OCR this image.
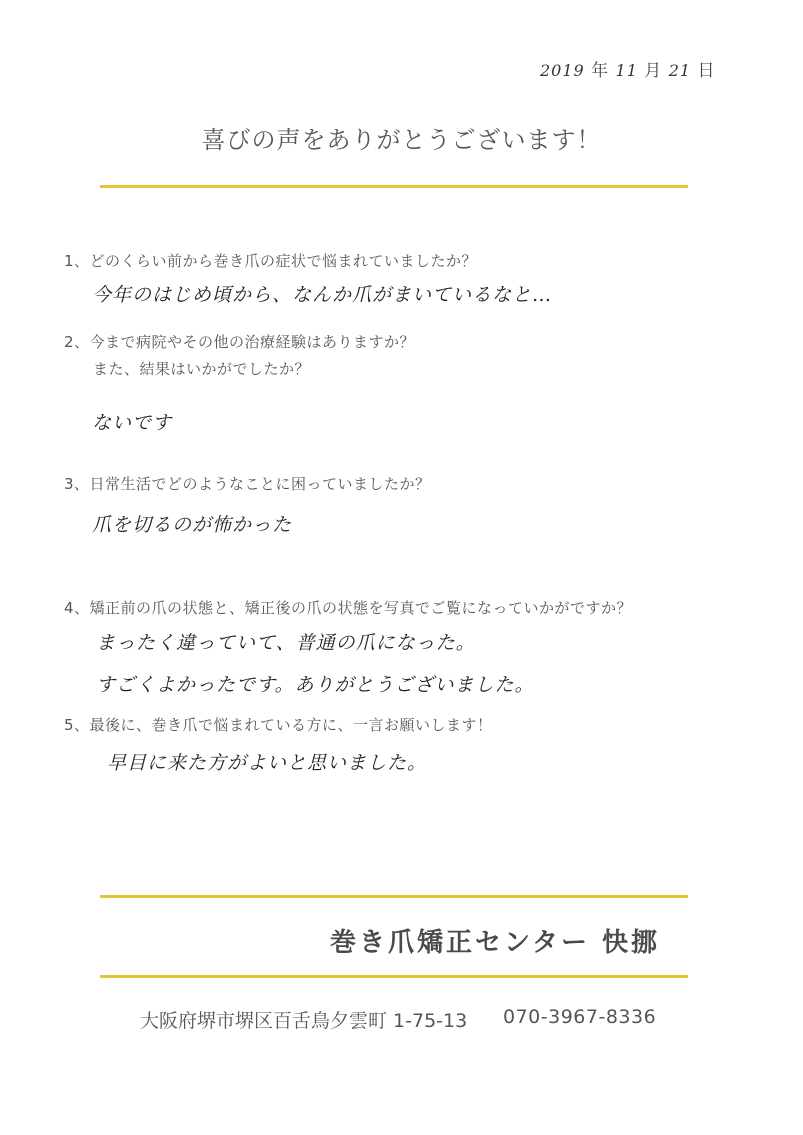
2019 年 11 月 21 日
喜びの声をありがとうございます！
1、どのくらい前から巻き爪の症状で悩まれていましたか？
今年のはじめ頃から、なんか爪がまいているなと…
2、今まで病院やその他の治療経験はありますか？
また、結果はいかがでしたか？
ないです
3、日常生活でどのようなことに困っていましたか？
爪を切るのが怖かった
4、矯正前の爪の状態と、矯正後の爪の状態を写真でご覧になっていかがですか？
まったく違っていて、普通の爪になった。
すごくよかったです。ありがとうございました。
5、最後に、巻き爪で悩まれている方に、一言お願いします！
早目に来た方がよいと思いました。
巻き爪矯正センター 快挪
大阪府堺市堺区百舌鳥夕雲町 1-75-13 070-3967-8336
